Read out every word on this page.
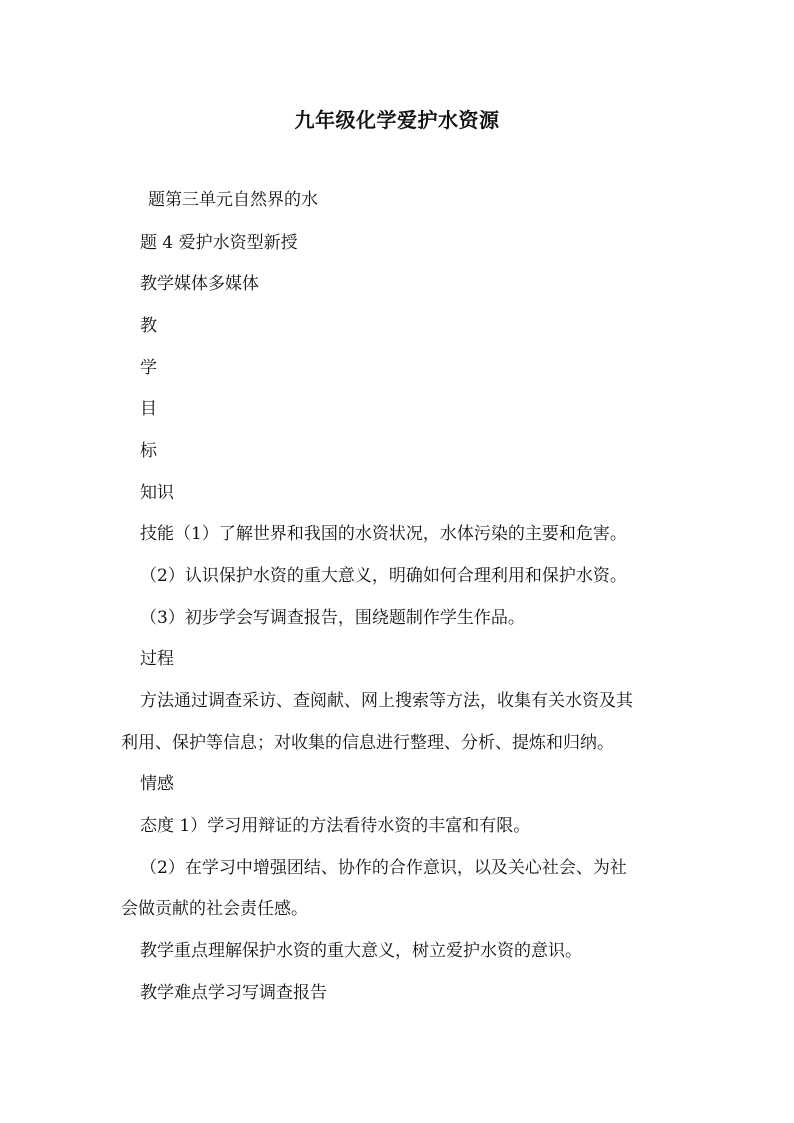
九年级化学爱护水资源
题第三单元自然界的水
题 4 爱护水资型新授
教学媒体多媒体
教
学
目
标
知识
技能（1）了解世界和我国的水资状况，水体污染的主要和危害。
（2）认识保护水资的重大意义，明确如何合理利用和保护水资。
（3）初步学会写调查报告，围绕题制作学生作品。
过程
方法通过调查采访、查阅献、网上搜索等方法，收集有关水资及其
利用、保护等信息；对收集的信息进行整理、分析、提炼和归纳。
情感
态度 1）学习用辩证的方法看待水资的丰富和有限。
（2）在学习中增强团结、协作的合作意识，以及关心社会、为社
会做贡献的社会责任感。
教学重点理解保护水资的重大意义，树立爱护水资的意识。
教学难点学习写调查报告
